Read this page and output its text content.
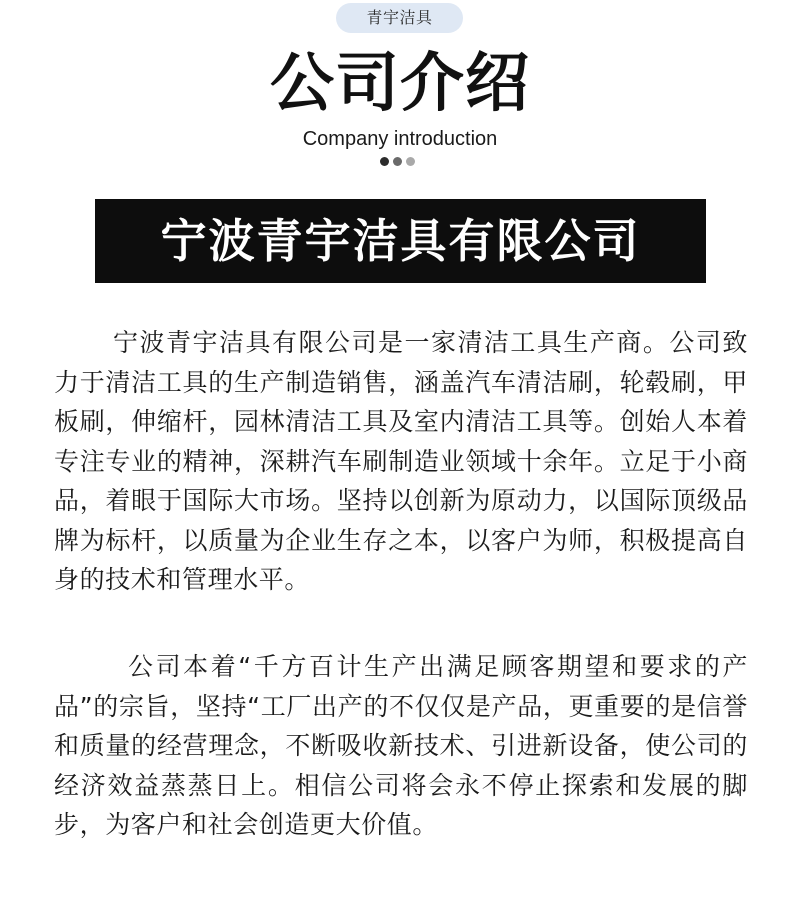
青宇洁具
公司介绍
Company introduction
宁波青宇洁具有限公司

宁波青宇洁具有限公司是一家清洁工具生产商。公司致力于清洁工具的生产制造销售，涵盖汽车清洁刷，轮毂刷，甲板刷，伸缩杆，园林清洁工具及室内清洁工具等。创始人本着专注专业的精神，深耕汽车刷制造业领域十余年。立足于小商品，着眼于国际大市场。坚持以创新为原动力，以国际顶级品牌为标杆，以质量为企业生存之本，以客户为师，积极提高自身的技术和管理水平。

公司本着“千方百计生产出满足顾客期望和要求的产品”的宗旨，坚持“工厂出产的不仅仅是产品，更重要的是信誉和质量的经营理念，不断吸收新技术、引进新设备，使公司的经济效益蒸蒸日上。相信公司将会永不停止探索和发展的脚步，为客户和社会创造更大价值。
